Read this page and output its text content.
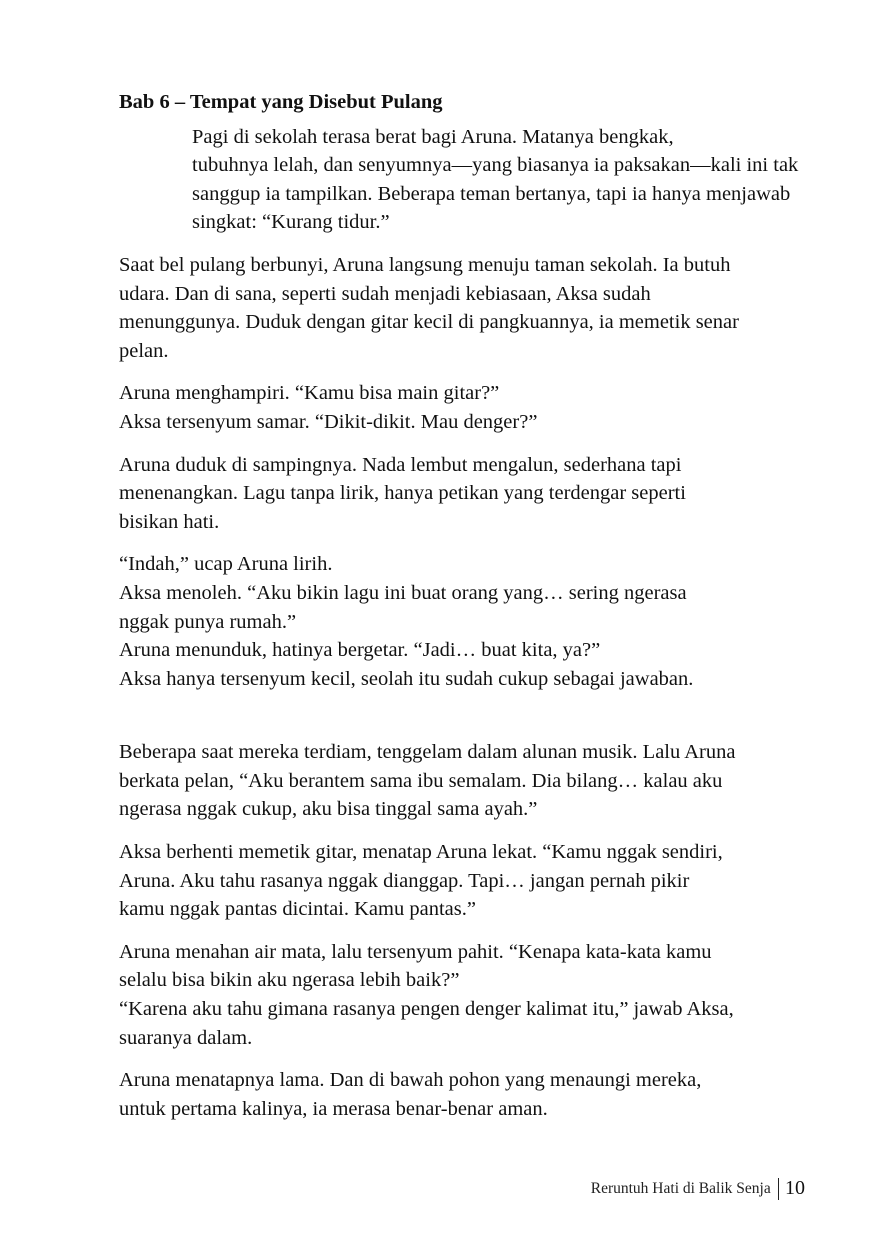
Bab 6 – Tempat yang Disebut Pulang

Pagi di sekolah terasa berat bagi Aruna. Matanya bengkak,
tubuhnya lelah, dan senyumnya—yang biasanya ia paksakan—kali ini tak
sanggup ia tampilkan. Beberapa teman bertanya, tapi ia hanya menjawab
singkat: “Kurang tidur.”

Saat bel pulang berbunyi, Aruna langsung menuju taman sekolah. Ia butuh
udara. Dan di sana, seperti sudah menjadi kebiasaan, Aksa sudah
menunggunya. Duduk dengan gitar kecil di pangkuannya, ia memetik senar
pelan.

Aruna menghampiri. “Kamu bisa main gitar?”
Aksa tersenyum samar. “Dikit-dikit. Mau denger?”

Aruna duduk di sampingnya. Nada lembut mengalun, sederhana tapi
menenangkan. Lagu tanpa lirik, hanya petikan yang terdengar seperti
bisikan hati.

“Indah,” ucap Aruna lirih.
Aksa menoleh. “Aku bikin lagu ini buat orang yang… sering ngerasa
nggak punya rumah.”
Aruna menunduk, hatinya bergetar. “Jadi… buat kita, ya?”
Aksa hanya tersenyum kecil, seolah itu sudah cukup sebagai jawaban.

Beberapa saat mereka terdiam, tenggelam dalam alunan musik. Lalu Aruna
berkata pelan, “Aku berantem sama ibu semalam. Dia bilang… kalau aku
ngerasa nggak cukup, aku bisa tinggal sama ayah.”

Aksa berhenti memetik gitar, menatap Aruna lekat. “Kamu nggak sendiri,
Aruna. Aku tahu rasanya nggak dianggap. Tapi… jangan pernah pikir
kamu nggak pantas dicintai. Kamu pantas.”

Aruna menahan air mata, lalu tersenyum pahit. “Kenapa kata-kata kamu
selalu bisa bikin aku ngerasa lebih baik?”
“Karena aku tahu gimana rasanya pengen denger kalimat itu,” jawab Aksa,
suaranya dalam.

Aruna menatapnya lama. Dan di bawah pohon yang menaungi mereka,
untuk pertama kalinya, ia merasa benar-benar aman.

Reruntuh Hati di Balik Senja 10
